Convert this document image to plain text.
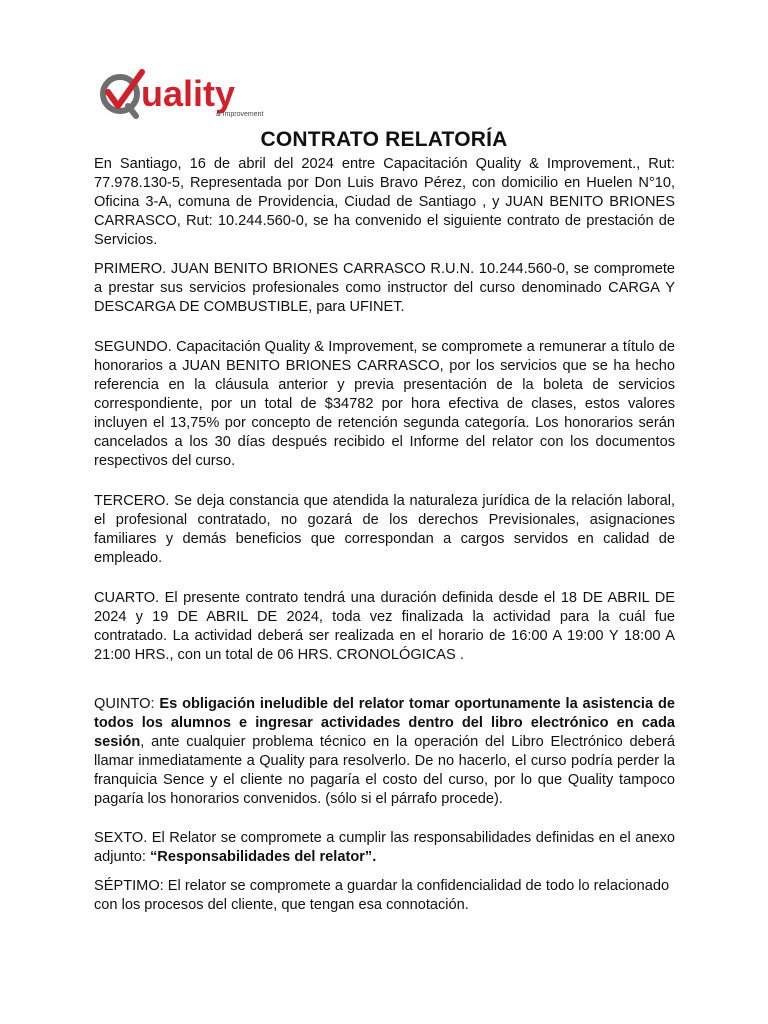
uality
& Improvement
CONTRATO RELATORÍA

En Santiago, 16 de abril del 2024 entre Capacitación Quality & Improvement., Rut: 77.978.130-5, Representada por Don Luis Bravo Pérez, con domicilio en Huelen N°10, Oficina 3-A, comuna de Providencia, Ciudad de Santiago , y JUAN BENITO BRIONES CARRASCO, Rut: 10.244.560-0, se ha convenido el siguiente contrato de prestación de Servicios.

PRIMERO. JUAN BENITO BRIONES CARRASCO R.U.N. 10.244.560-0, se compromete a prestar sus servicios profesionales como instructor del curso denominado CARGA Y DESCARGA DE COMBUSTIBLE, para UFINET.

SEGUNDO. Capacitación Quality & Improvement, se compromete a remunerar a título de honorarios a JUAN BENITO BRIONES CARRASCO, por los servicios que se ha hecho referencia en la cláusula anterior y previa presentación de la boleta de servicios correspondiente, por un total de $34782 por hora efectiva de clases, estos valores incluyen el 13,75% por concepto de retención segunda categoría. Los honorarios serán cancelados a los 30 días después recibido el Informe del relator con los documentos respectivos del curso.

TERCERO. Se deja constancia que atendida la naturaleza jurídica de la relación laboral, el profesional contratado, no gozará de los derechos Previsionales, asignaciones familiares y demás beneficios que correspondan a cargos servidos en calidad de empleado.

CUARTO. El presente contrato tendrá una duración definida desde el 18 DE ABRIL DE 2024 y 19 DE ABRIL DE 2024, toda vez finalizada la actividad para la cuál fue contratado. La actividad deberá ser realizada en el horario de 16:00 A 19:00 Y 18:00 A 21:00 HRS., con un total de 06 HRS. CRONOLÓGICAS .

QUINTO: Es obligación ineludible del relator tomar oportunamente la asistencia de todos los alumnos e ingresar actividades dentro del libro electrónico en cada sesión, ante cualquier problema técnico en la operación del Libro Electrónico deberá llamar inmediatamente a Quality para resolverlo. De no hacerlo, el curso podría perder la franquicia Sence y el cliente no pagaría el costo del curso, por lo que Quality tampoco pagaría los honorarios convenidos. (sólo si el párrafo procede).

SEXTO. El Relator se compromete a cumplir las responsabilidades definidas en el anexo adjunto: “Responsabilidades del relator”.

SÉPTIMO: El relator se compromete a guardar la confidencialidad de todo lo relacionado con los procesos del cliente, que tengan esa connotación.
